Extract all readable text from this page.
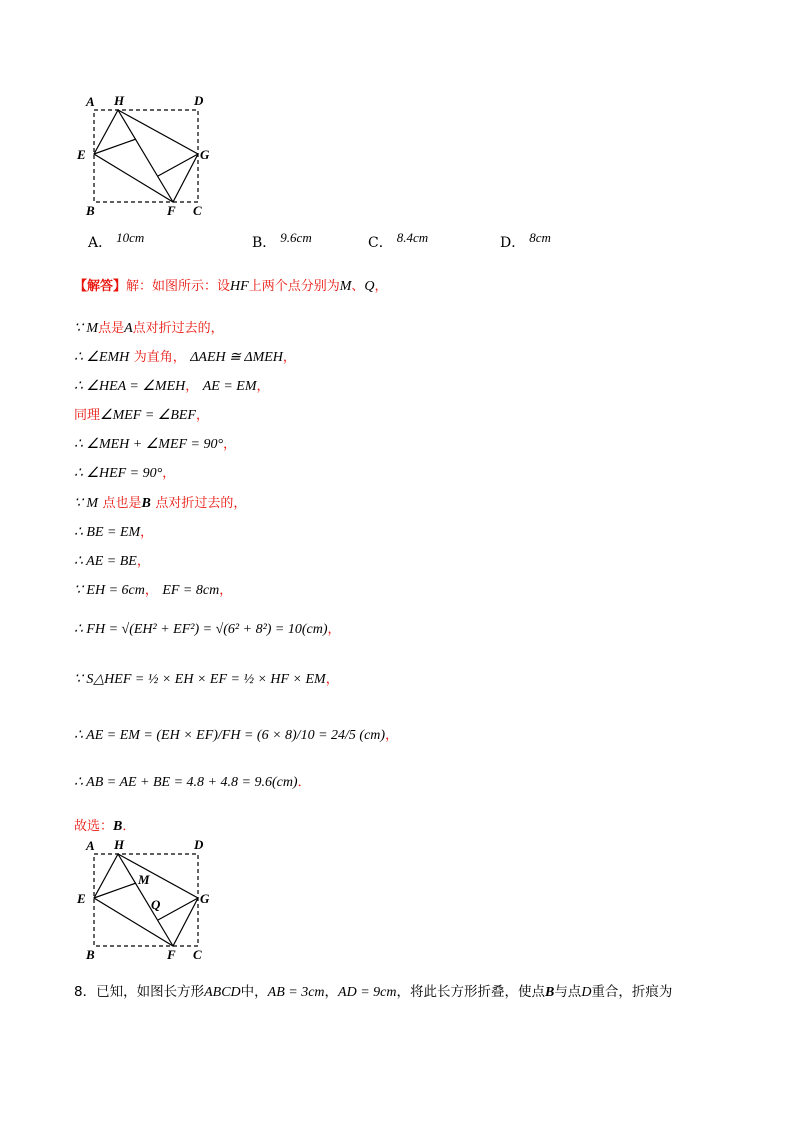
A H	D
E	G
B	F C
A． 10cm	B． 9.6cm	C． 8.4cm	D． 8cm
【解答】解：如图所示：设HF上两个点分别为M、Q，
∵ M点是A点对折过去的，
∴ ∠EMH 为直角， ΔAEH ≅ ΔMEH，
∴ ∠HEA = ∠MEH， AE = EM，
同理∠MEF = ∠BEF，
∴ ∠MEH + ∠MEF = 90°，
∴ ∠HEF = 90°，
∵ M 点也是B 点对折过去的，
∴ BE = EM，
∴ AE = BE，
∵ EH = 6cm， EF = 8cm，
∴ FH = √(EH² + EF²) = √(6² + 8²) = 10(cm)，
∵ S△HEF = ½ × EH × EF = ½ × HF × EM，
∴ AE = EM = (EH × EF)/FH = (6 × 8)/10 = 24/5 (cm)，
∴ AB = AE + BE = 4.8 + 4.8 = 9.6(cm)．
故选：B．
A H	D
E	G
B	F C
M
Q
8．已知，如图长方形ABCD中，AB = 3cm，AD = 9cm，将此长方形折叠，使点B与点D重合，折痕为
